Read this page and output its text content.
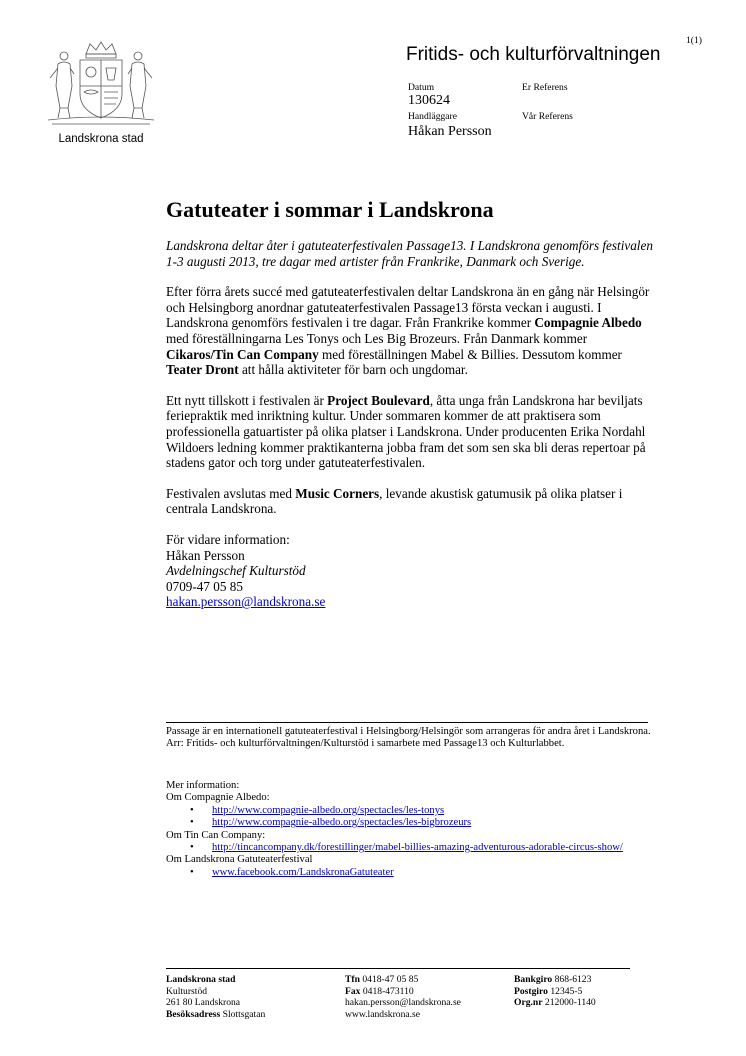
1(1)
Landskrona stad
Fritids- och kulturförvaltningen
Datum	Er Referens
130624
Handläggare	Vår Referens
Håkan Persson
Gatuteater i sommar i Landskrona

Landskrona deltar åter i gatuteaterfestivalen Passage13. I Landskrona genomförs festivalen 1-3 augusti 2013, tre dagar med artister från Frankrike, Danmark och Sverige.

Efter förra årets succé med gatuteaterfestivalen deltar Landskrona än en gång när Helsingör och Helsingborg anordnar gatuteaterfestivalen Passage13 första veckan i augusti. I Landskrona genomförs festivalen i tre dagar. Från Frankrike kommer Compagnie Albedo med föreställningarna Les Tonys och Les Big Brozeurs. Från Danmark kommer Cikaros/Tin Can Company med föreställningen Mabel & Billies. Dessutom kommer Teater Dront att hålla aktiviteter för barn och ungdomar.

Ett nytt tillskott i festivalen är Project Boulevard, åtta unga från Landskrona har beviljats feriepraktik med inriktning kultur. Under sommaren kommer de att praktisera som professionella gatuartister på olika platser i Landskrona. Under producenten Erika Nordahl Wildoers ledning kommer praktikanterna jobba fram det som sen ska bli deras repertoar på stadens gator och torg under gatuteaterfestivalen.

Festivalen avslutas med Music Corners, levande akustisk gatumusik på olika platser i centrala Landskrona.

För vidare information:
Håkan Persson
Avdelningschef Kulturstöd
0709-47 05 85
hakan.persson@landskrona.se
Passage är en internationell gatuteaterfestival i Helsingborg/Helsingör som arrangeras för andra året i Landskrona. Arr: Fritids- och kulturförvaltningen/Kulturstöd i samarbete med Passage13 och Kulturlabbet.
Mer information:
Om Compagnie Albedo:
• http://www.compagnie-albedo.org/spectacles/les-tonys
• http://www.compagnie-albedo.org/spectacles/les-bigbrozeurs
Om Tin Can Company:
• http://tincancompany.dk/forestillinger/mabel-billies-amazing-adventurous-adorable-circus-show/
Om Landskrona Gatuteaterfestival
• www.facebook.com/LandskronaGatuteater
Landskrona stad
Kulturstöd
261 80 Landskrona
Besöksadress Slottsgatan
Tfn 0418-47 05 85
Fax 0418-473110
hakan.persson@landskrona.se
www.landskrona.se
Bankgiro 868-6123
Postgiro 12345-5
Org.nr 212000-1140
